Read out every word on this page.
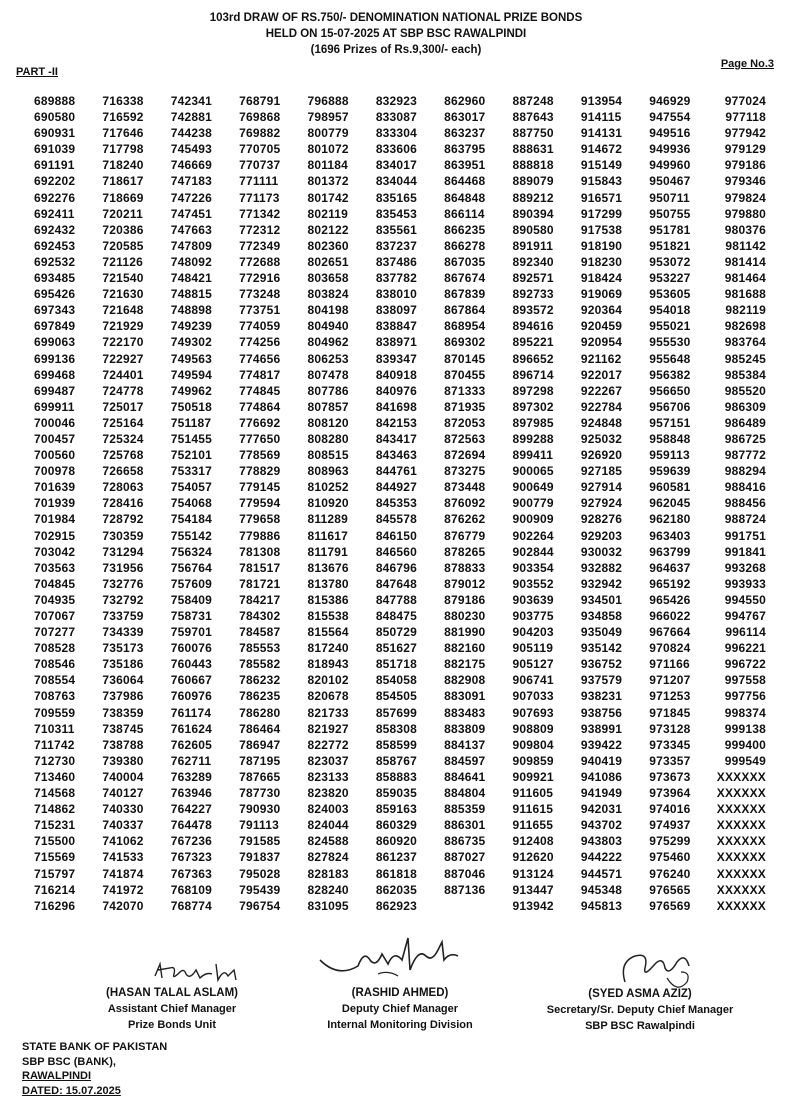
103rd DRAW OF RS.750/- DENOMINATION NATIONAL PRIZE BONDS
HELD ON 15-07-2025 AT SBP BSC RAWALPINDI
(1696 Prizes of Rs.9,300/- each)
PART -II
Page No.3
689888
690580
690931
691039
691191
692202
692276
692411
692432
692453
692532
693485
695426
697343
697849
699063
699136
699468
699487
699911
700046
700457
700560
700978
701639
701939
701984
702915
703042
703563
704845
704935
707067
707277
708528
708546
708554
708763
709559
710311
711742
712730
713460
714568
714862
715231
715500
715569
715797
716214
716296
716338
716592
717646
717798
718240
718617
718669
720211
720386
720585
721126
721540
721630
721648
721929
722170
722927
724401
724778
725017
725164
725324
725768
726658
728063
728416
728792
730359
731294
731956
732776
732792
733759
734339
735173
735186
736064
737986
738359
738745
738788
739380
740004
740127
740330
740337
741062
741533
741874
741972
742070
742341
742881
744238
745493
746669
747183
747226
747451
747663
747809
748092
748421
748815
748898
749239
749302
749563
749594
749962
750518
751187
751455
752101
753317
754057
754068
754184
755142
756324
756764
757609
758409
758731
759701
760076
760443
760667
760976
761174
761624
762605
762711
763289
763946
764227
764478
767236
767323
767363
768109
768774
768791
769868
769882
770705
770737
771111
771173
771342
772312
772349
772688
772916
773248
773751
774059
774256
774656
774817
774845
774864
776692
777650
778569
778829
779145
779594
779658
779886
781308
781517
781721
784217
784302
784587
785553
785582
786232
786235
786280
786464
786947
787195
787665
787730
790930
791113
791585
791837
795028
795439
796754
796888
798957
800779
801072
801184
801372
801742
802119
802122
802360
802651
803658
803824
804198
804940
804962
806253
807478
807786
807857
808120
808280
808515
808963
810252
810920
811289
811617
811791
813676
813780
815386
815538
815564
817240
818943
820102
820678
821733
821927
822772
823037
823133
823820
824003
824044
824588
827824
828183
828240
831095
832923
833087
833304
833606
834017
834044
835165
835453
835561
837237
837486
837782
838010
838097
838847
838971
839347
840918
840976
841698
842153
843417
843463
844761
844927
845353
845578
846150
846560
846796
847648
847788
848475
850729
851627
851718
854058
854505
857699
858308
858599
858767
858883
859035
859163
860329
860920
861237
861818
862035
862923
862960
863017
863237
863795
863951
864468
864848
866114
866235
866278
867035
867674
867839
867864
868954
869302
870145
870455
871333
871935
872053
872563
872694
873275
873448
876092
876262
876779
878265
878833
879012
879186
880230
881990
882160
882175
882908
883091
883483
883809
884137
884597
884641
884804
885359
886301
886735
887027
887046
887136
887248
887643
887750
888631
888818
889079
889212
890394
890580
891911
892340
892571
892733
893572
894616
895221
896652
896714
897298
897302
897985
899288
899411
900065
900649
900779
900909
902264
902844
903354
903552
903639
903775
904203
905119
905127
906741
907033
907693
908809
909804
909859
909921
911605
911615
911655
912408
912620
913124
913447
913942
913954
914115
914131
914672
915149
915843
916571
917299
917538
918190
918230
918424
919069
920364
920459
920954
921162
922017
922267
922784
924848
925032
926920
927185
927914
927924
928276
929203
930032
932882
932942
934501
934858
935049
935142
936752
937579
938231
938756
938991
939422
940419
941086
941949
942031
943702
943803
944222
944571
945348
945813
946929
947554
949516
949936
949960
950467
950711
950755
951781
951821
953072
953227
953605
954018
955021
955530
955648
956382
956650
956706
957151
958848
959113
959639
960581
962045
962180
963403
963799
964637
965192
965426
966022
967664
970824
971166
971207
971253
971845
973128
973345
973357
973673
973964
974016
974937
975299
975460
976240
976565
976569
977024
977118
977942
979129
979186
979346
979824
979880
980376
981142
981414
981464
981688
982119
982698
983764
985245
985384
985520
986309
986489
986725
987772
988294
988416
988456
988724
991751
991841
993268
993933
994550
994767
996114
996221
996722
997558
997756
998374
999138
999400
999549
XXXXXX
XXXXXX
XXXXXX
XXXXXX
XXXXXX
XXXXXX
XXXXXX
XXXXXX
XXXXXX
(HASAN TALAL ASLAM)
Assistant Chief Manager
Prize Bonds Unit
(RASHID AHMED)
Deputy Chief Manager
Internal Monitoring Division
(SYED ASMA AZIZ)
Secretary/Sr. Deputy Chief Manager
SBP BSC Rawalpindi
STATE BANK OF PAKISTAN
SBP BSC (BANK),
RAWALPINDI
DATED: 15.07.2025
